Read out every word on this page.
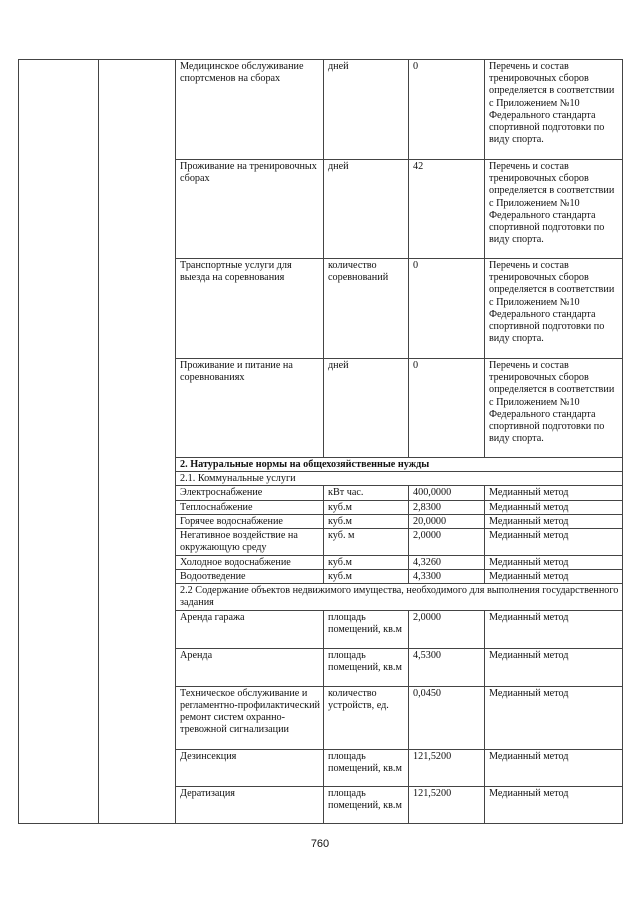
		Медицинское обслуживание спортсменов на сборах	дней	0	Перечень и состав тренировочных сборов определяется в соответствии с Приложением №10 Федерального стандарта спортивной подготовки по виду спорта.
		Проживание на тренировочных сборах	дней	42	Перечень и состав тренировочных сборов определяется в соответствии с Приложением №10 Федерального стандарта спортивной подготовки по виду спорта.
		Транспортные услуги для выезда на соревнования	количество соревнований	0	Перечень и состав тренировочных сборов определяется в соответствии с Приложением №10 Федерального стандарта спортивной подготовки по виду спорта.
		Проживание и питание на соревнованиях	дней	0	Перечень и состав тренировочных сборов определяется в соответствии с Приложением №10 Федерального стандарта спортивной подготовки по виду спорта.
		2. Натуральные нормы на общехозяйственные нужды			
		2.1. Коммунальные услуги			
		Электроснабжение	кВт час.	400,0000	Медианный метод
		Теплоснабжение	куб.м	2,8300	Медианный метод
		Горячее водоснабжение	куб.м	20,0000	Медианный метод
		Негативное воздействие на окружающую среду	куб. м	2,0000	Медианный метод
		Холодное водоснабжение	куб.м	4,3260	Медианный метод
		Водоотведение	куб.м	4,3300	Медианный метод
		2.2 Содержание объектов недвижимого имущества, необходимого для выполнения государственного задания			
		Аренда гаража	площадь помещений, кв.м	2,0000	Медианный метод
		Аренда	площадь помещений, кв.м	4,5300	Медианный метод
		Техническое обслуживание и регламентно-профилактический ремонт систем охранно-тревожной сигнализации	количество устройств, ед.	0,0450	Медианный метод
		Дезинсекция	площадь помещений, кв.м	121,5200	Медианный метод
		Дератизация	площадь помещений, кв.м	121,5200	Медианный метод
760
